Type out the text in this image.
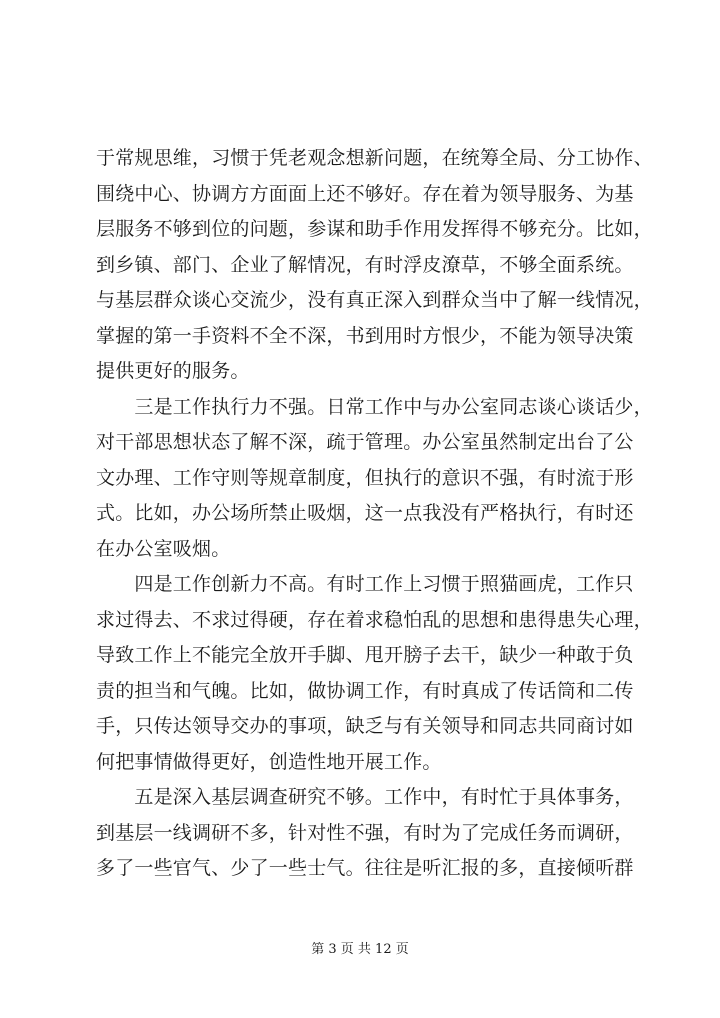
于常规思维，习惯于凭老观念想新问题，在统筹全局、分工协作、
围绕中心、协调方方面面上还不够好。存在着为领导服务、为基
层服务不够到位的问题，参谋和助手作用发挥得不够充分。比如，
到乡镇、部门、企业了解情况，有时浮皮潦草，不够全面系统。
与基层群众谈心交流少，没有真正深入到群众当中了解一线情况，
掌握的第一手资料不全不深，书到用时方恨少，不能为领导决策
提供更好的服务。
　　三是工作执行力不强。日常工作中与办公室同志谈心谈话少，
对干部思想状态了解不深，疏于管理。办公室虽然制定出台了公
文办理、工作守则等规章制度，但执行的意识不强，有时流于形
式。比如，办公场所禁止吸烟，这一点我没有严格执行，有时还
在办公室吸烟。
　　四是工作创新力不高。有时工作上习惯于照猫画虎，工作只
求过得去、不求过得硬，存在着求稳怕乱的思想和患得患失心理，
导致工作上不能完全放开手脚、甩开膀子去干，缺少一种敢于负
责的担当和气魄。比如，做协调工作，有时真成了传话筒和二传
手，只传达领导交办的事项，缺乏与有关领导和同志共同商讨如
何把事情做得更好，创造性地开展工作。
　　五是深入基层调查研究不够。工作中，有时忙于具体事务，
到基层一线调研不多，针对性不强，有时为了完成任务而调研，
多了一些官气、少了一些士气。往往是听汇报的多，直接倾听群
第 3 页 共 12 页
